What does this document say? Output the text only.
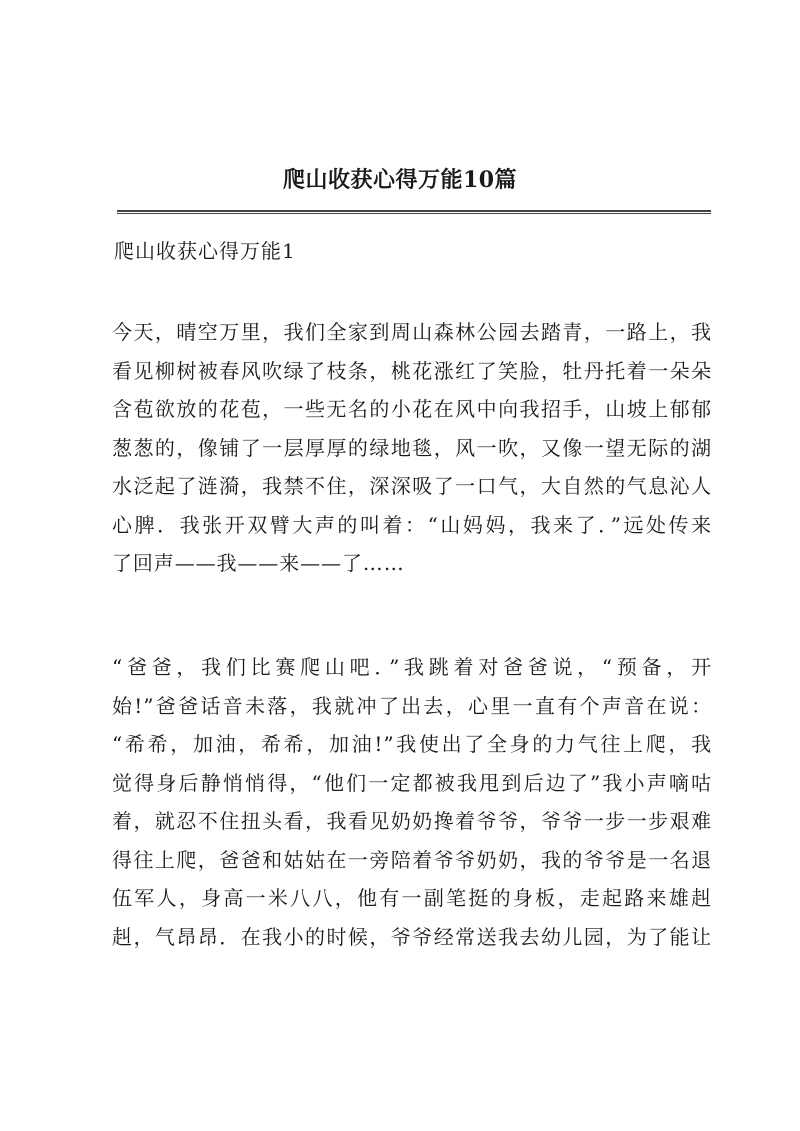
爬山收获心得万能10篇
爬山收获心得万能1

今天，晴空万里，我们全家到周山森林公园去踏青，一路上，我
看见柳树被春风吹绿了枝条，桃花涨红了笑脸，牡丹托着一朵朵
含苞欲放的花苞，一些无名的小花在风中向我招手，山坡上郁郁
葱葱的，像铺了一层厚厚的绿地毯，风一吹，又像一望无际的湖
水泛起了涟漪，我禁不住，深深吸了一口气，大自然的气息沁人
心脾．我张开双臂大声的叫着：“山妈妈，我来了．”远处传来
了回声——我——来——了……

“爸爸，我们比赛爬山吧．”我跳着对爸爸说，“预备，开
始!”爸爸话音未落，我就冲了出去，心里一直有个声音在说：
“希希，加油，希希，加油!”我使出了全身的力气往上爬，我
觉得身后静悄悄得，“他们一定都被我甩到后边了”我小声嘀咕
着，就忍不住扭头看，我看见奶奶搀着爷爷，爷爷一步一步艰难
得往上爬，爸爸和姑姑在一旁陪着爷爷奶奶，我的爷爷是一名退
伍军人，身高一米八八，他有一副笔挺的身板，走起路来雄赳
赳，气昂昂．在我小的时候，爷爷经常送我去幼儿园，为了能让
